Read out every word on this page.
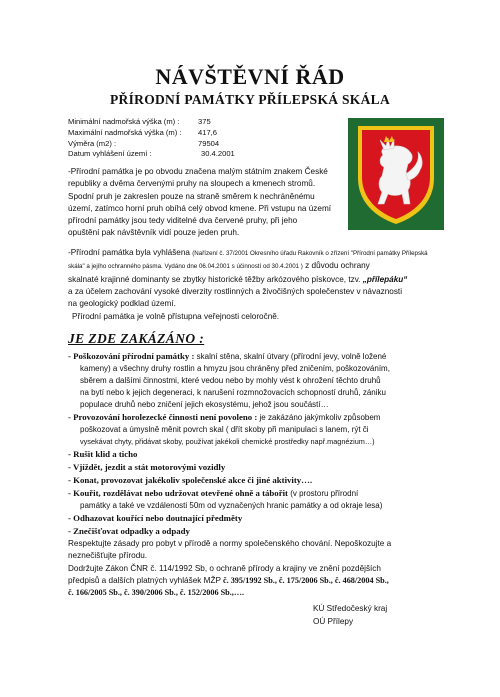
NÁVŠTĚVNÍ ŘÁD
PŘÍRODNÍ PAMÁTKY PŘÍLEPSKÁ SKÁLA
Minimální nadmořská výška (m) : 375
Maximální nadmořská výška (m) : 417,6
Výměra (m2) :	79504
Datum vyhlášení území :	30.4.2001

-Přírodní památka je po obvodu značena malým státním znakem České

republiky a dvěma červenými pruhy na sloupech a kmenech stromů.

Spodní pruh je zakreslen pouze na straně směrem k nechráněnému

území, zatímco horní pruh obíhá celý obvod kmene. Při vstupu na území

přírodní památky jsou tedy viditelné dva červené pruhy, při jeho

opuštění pak návštěvník vidí pouze jeden pruh.

-Přírodní památka byla vyhlášena (Nařízení č. 37/2001 Okresního úřadu Rakovník o zřízení "Přírodní památky Přílepská skála" a jejího ochranného pásma. Vydáno dne 06.04.2001 s účinností od 30.4.2001 ) z důvodu ochrany

skalnaté krajinné dominanty se zbytky historické těžby arkózového pískovce, tzv. „přílepáku“

a za účelem zachování vysoké diverzity rostlinných a živočišných společenstev v návaznosti

na geologický podklad území.

Přírodní památka je volně přístupna veřejnosti celoročně.
JE ZDE ZAKÁZÁNO :
- Poškozování přírodní památky : skalní stěna, skalní útvary (přírodní jevy, volně ložené
kameny) a všechny druhy rostlin a hmyzu jsou chráněny před zničením, poškozováním,
sběrem a dalšími činnostmi, které vedou nebo by mohly vést k ohrožení těchto druhů
na bytí nebo k jejich degeneraci, k narušení rozmnožovacích schopností druhů, zániku
populace druhů nebo zničení jejich ekosystému, jehož jsou součástí…
- Provozování horolezecké činnosti není povoleno : je zakázáno jakýmkoliv způsobem
poškozovat a úmyslně měnit povrch skal ( dřít skoby při manipulaci s lanem, rýt či
vysekávat chyty, přidávat skoby, používat jakékoli chemické prostředky např.magnézium…)
- Rušit klid a ticho
- Vjíždět, jezdit a stát motorovými vozidly
- Konat, provozovat jakékoliv společenské akce či jiné aktivity….
- Kouřit, rozdělávat nebo udržovat otevřené ohně a tábořit (v prostoru přírodní
památky a také ve vzdálenosti 50m od vyznačených hranic památky a od okraje lesa)
- Odhazovat kouřící nebo doutnající předměty
- Znečišťovat odpadky a odpady
Respektujte zásady pro pobyt v přírodě a normy společenského chování. Nepoškozujte a
neznečišťujte přírodu.
Dodržujte Zákon ČNR č. 114/1992 Sb, o ochraně přírody a krajiny ve znění pozdějších
předpisů a dalších platných vyhlášek MŽP č. 395/1992 Sb., č. 175/2006 Sb., č. 468/2004 Sb.,
č. 166/2005 Sb., č. 390/2006 Sb., č. 152/2006 Sb.,….
KÚ Středočeský kraj
OÚ Přílepy
